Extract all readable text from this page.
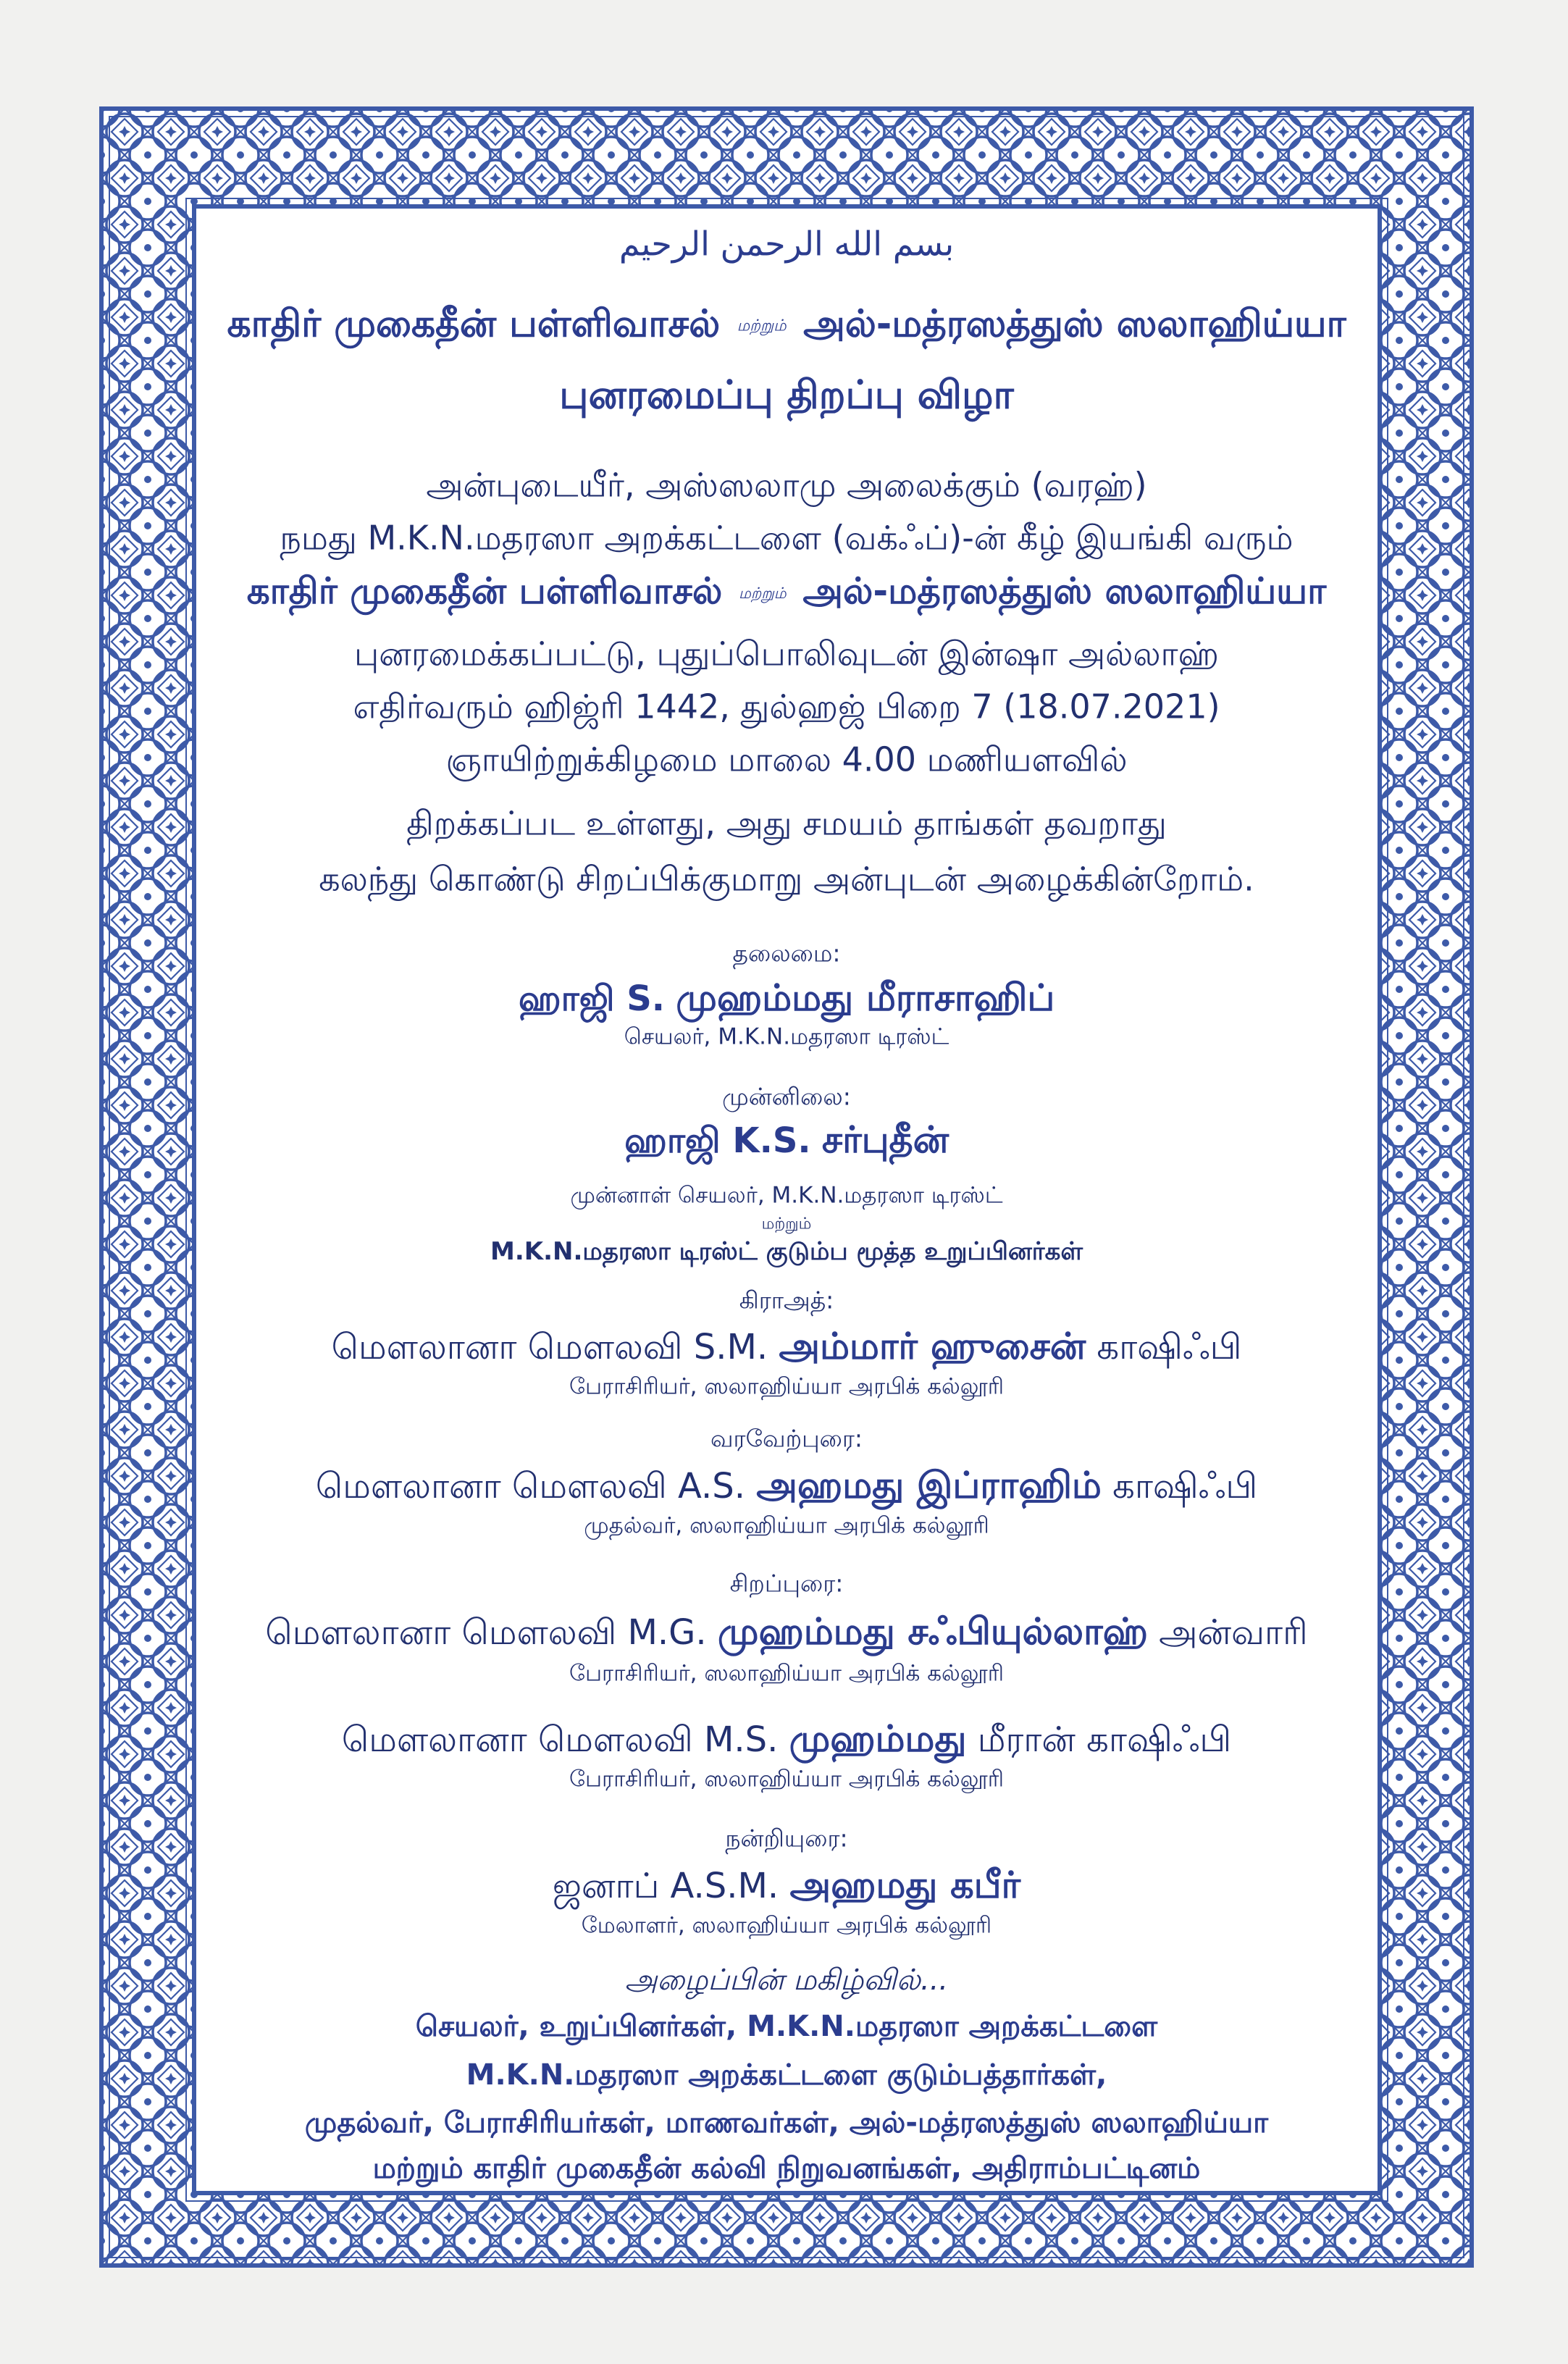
بسم الله الرحمن الرحيم
காதிர் முகைதீன் பள்ளிவாசல் மற்றும் அல்-மத்ரஸத்துஸ் ஸலாஹிய்யா
புனரமைப்பு திறப்பு விழா
அன்புடையீர், அஸ்ஸலாமு அலைக்கும் (வரஹ்)
நமது M.K.N.மதரஸா அறக்கட்டளை (வக்ஃப்)-ன் கீழ் இயங்கி வரும்
காதிர் முகைதீன் பள்ளிவாசல் மற்றும் அல்-மத்ரஸத்துஸ் ஸலாஹிய்யா
புனரமைக்கப்பட்டு, புதுப்பொலிவுடன் இன்ஷா அல்லாஹ்
எதிர்வரும் ஹிஜ்ரி 1442, துல்ஹஜ் பிறை 7 (18.07.2021)
ஞாயிற்றுக்கிழமை மாலை 4.00 மணியளவில்
திறக்கப்பட உள்ளது, அது சமயம் தாங்கள் தவறாது
கலந்து கொண்டு சிறப்பிக்குமாறு அன்புடன் அழைக்கின்றோம்.
தலைமை:
ஹாஜி S. முஹம்மது மீராசாஹிப்
செயலர், M.K.N.மதரஸா டிரஸ்ட்
முன்னிலை:
ஹாஜி K.S. சர்புதீன்
முன்னாள் செயலர், M.K.N.மதரஸா டிரஸ்ட்
மற்றும்
M.K.N.மதரஸா டிரஸ்ட் குடும்ப மூத்த உறுப்பினர்கள்
கிராஅத்:
மௌலானா மௌலவி S.M. அம்மார் ஹுசைன் காஷிஃபி
பேராசிரியர், ஸலாஹிய்யா அரபிக் கல்லூரி
வரவேற்புரை:
மௌலானா மௌலவி A.S. அஹமது இப்ராஹிம் காஷிஃபி
முதல்வர், ஸலாஹிய்யா அரபிக் கல்லூரி
சிறப்புரை:
மௌலானா மௌலவி M.G. முஹம்மது சஃபியுல்லாஹ் அன்வாரி
பேராசிரியர், ஸலாஹிய்யா அரபிக் கல்லூரி
மௌலானா மௌலவி M.S. முஹம்மது மீரான் காஷிஃபி
பேராசிரியர், ஸலாஹிய்யா அரபிக் கல்லூரி
நன்றியுரை:
ஜனாப் A.S.M. அஹமது கபீர்
மேலாளர், ஸலாஹிய்யா அரபிக் கல்லூரி
அழைப்பின் மகிழ்வில்...
செயலர், உறுப்பினர்கள், M.K.N.மதரஸா அறக்கட்டளை
M.K.N.மதரஸா அறக்கட்டளை குடும்பத்தார்கள்,
முதல்வர், பேராசிரியர்கள், மாணவர்கள், அல்-மத்ரஸத்துஸ் ஸலாஹிய்யா
மற்றும் காதிர் முகைதீன் கல்வி நிறுவனங்கள், அதிராம்பட்டினம்
